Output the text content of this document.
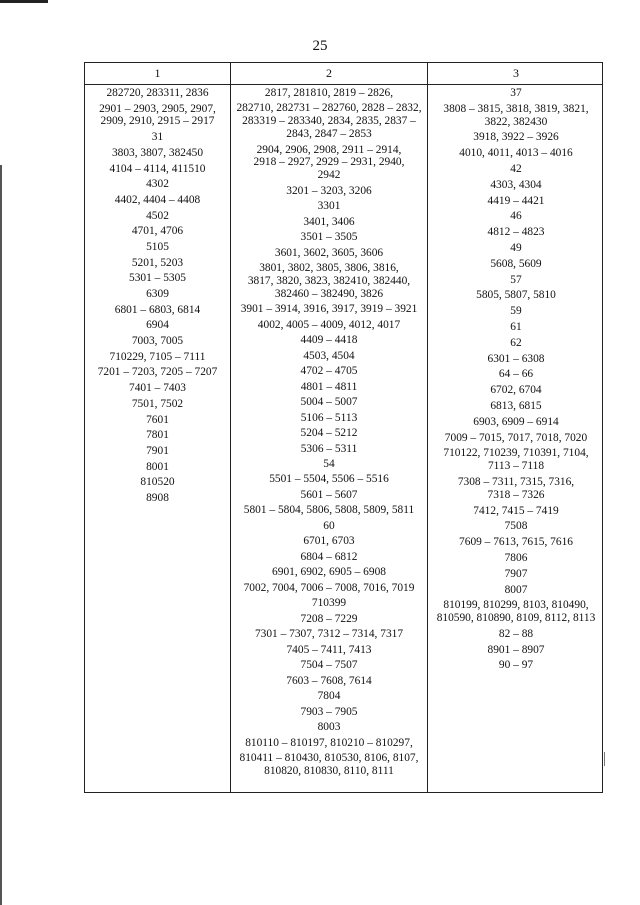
25
1	2	3
282720, 283311, 2836
2901 – 2903, 2905, 2907,
2909, 2910, 2915 – 2917
31
3803, 3807, 382450
4104 – 4114, 411510
4302
4402, 4404 – 4408
4502
4701, 4706
5105
5201, 5203
5301 – 5305
6309
6801 – 6803, 6814
6904
7003, 7005
710229, 7105 – 7111
7201 – 7203, 7205 – 7207
7401 – 7403
7501, 7502
7601
7801
7901
8001
810520
8908
2817, 281810, 2819 – 2826,
282710, 282731 – 282760, 2828 – 2832,
283319 – 283340, 2834, 2835, 2837 –
2843, 2847 – 2853
2904, 2906, 2908, 2911 – 2914,
2918 – 2927, 2929 – 2931, 2940,
2942
3201 – 3203, 3206
3301
3401, 3406
3501 – 3505
3601, 3602, 3605, 3606
3801, 3802, 3805, 3806, 3816,
3817, 3820, 3823, 382410, 382440,
382460 – 382490, 3826
3901 – 3914, 3916, 3917, 3919 – 3921
4002, 4005 – 4009, 4012, 4017
4409 – 4418
4503, 4504
4702 – 4705
4801 – 4811
5004 – 5007
5106 – 5113
5204 – 5212
5306 – 5311
54
5501 – 5504, 5506 – 5516
5601 – 5607
5801 – 5804, 5806, 5808, 5809, 5811
60
6701, 6703
6804 – 6812
6901, 6902, 6905 – 6908
7002, 7004, 7006 – 7008, 7016, 7019
710399
7208 – 7229
7301 – 7307, 7312 – 7314, 7317
7405 – 7411, 7413
7504 – 7507
7603 – 7608, 7614
7804
7903 – 7905
8003
810110 – 810197, 810210 – 810297,
810411 – 810430, 810530, 8106, 8107,
810820, 810830, 8110, 8111
37
3808 – 3815, 3818, 3819, 3821,
3822, 382430
3918, 3922 – 3926
4010, 4011, 4013 – 4016
42
4303, 4304
4419 – 4421
46
4812 – 4823
49
5608, 5609
57
5805, 5807, 5810
59
61
62
6301 – 6308
64 – 66
6702, 6704
6813, 6815
6903, 6909 – 6914
7009 – 7015, 7017, 7018, 7020
710122, 710239, 710391, 7104,
7113 – 7118
7308 – 7311, 7315, 7316,
7318 – 7326
7412, 7415 – 7419
7508
7609 – 7613, 7615, 7616
7806
7907
8007
810199, 810299, 8103, 810490,
810590, 810890, 8109, 8112, 8113
82 – 88
8901 – 8907
90 – 97
